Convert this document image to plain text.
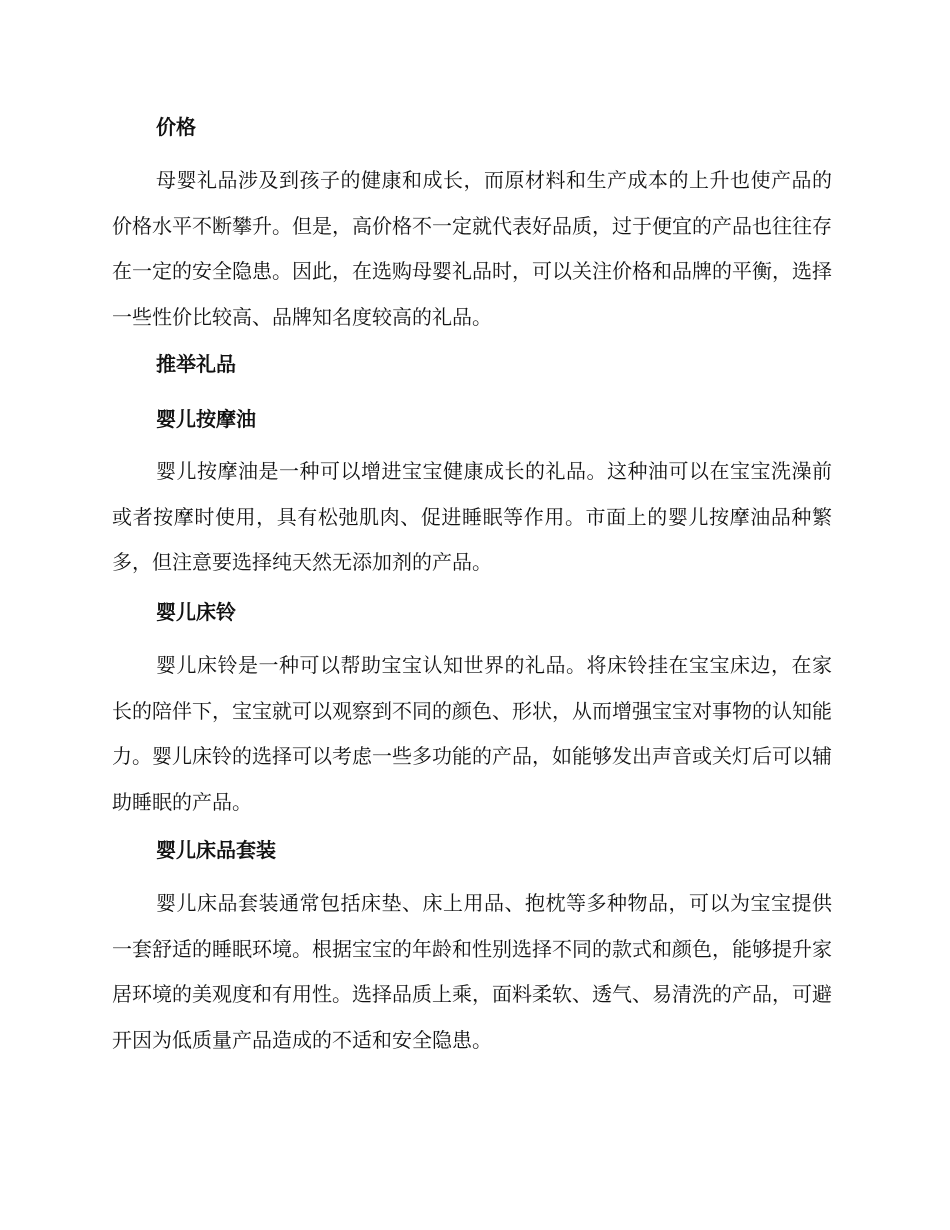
价格

母婴礼品涉及到孩子的健康和成长，而原材料和生产成本的上升也使产品的价格水平不断攀升。但是，高价格不一定就代表好品质，过于便宜的产品也往往存在一定的安全隐患。因此，在选购母婴礼品时，可以关注价格和品牌的平衡，选择一些性价比较高、品牌知名度较高的礼品。

推举礼品
婴儿按摩油

婴儿按摩油是一种可以增进宝宝健康成长的礼品。这种油可以在宝宝洗澡前或者按摩时使用，具有松弛肌肉、促进睡眠等作用。市面上的婴儿按摩油品种繁多，但注意要选择纯天然无添加剂的产品。

婴儿床铃

婴儿床铃是一种可以帮助宝宝认知世界的礼品。将床铃挂在宝宝床边，在家长的陪伴下，宝宝就可以观察到不同的颜色、形状，从而增强宝宝对事物的认知能力。婴儿床铃的选择可以考虑一些多功能的产品，如能够发出声音或关灯后可以辅助睡眠的产品。

婴儿床品套装

婴儿床品套装通常包括床垫、床上用品、抱枕等多种物品，可以为宝宝提供一套舒适的睡眠环境。根据宝宝的年龄和性别选择不同的款式和颜色，能够提升家居环境的美观度和有用性。选择品质上乘，面料柔软、透气、易清洗的产品，可避开因为低质量产品造成的不适和安全隐患。
